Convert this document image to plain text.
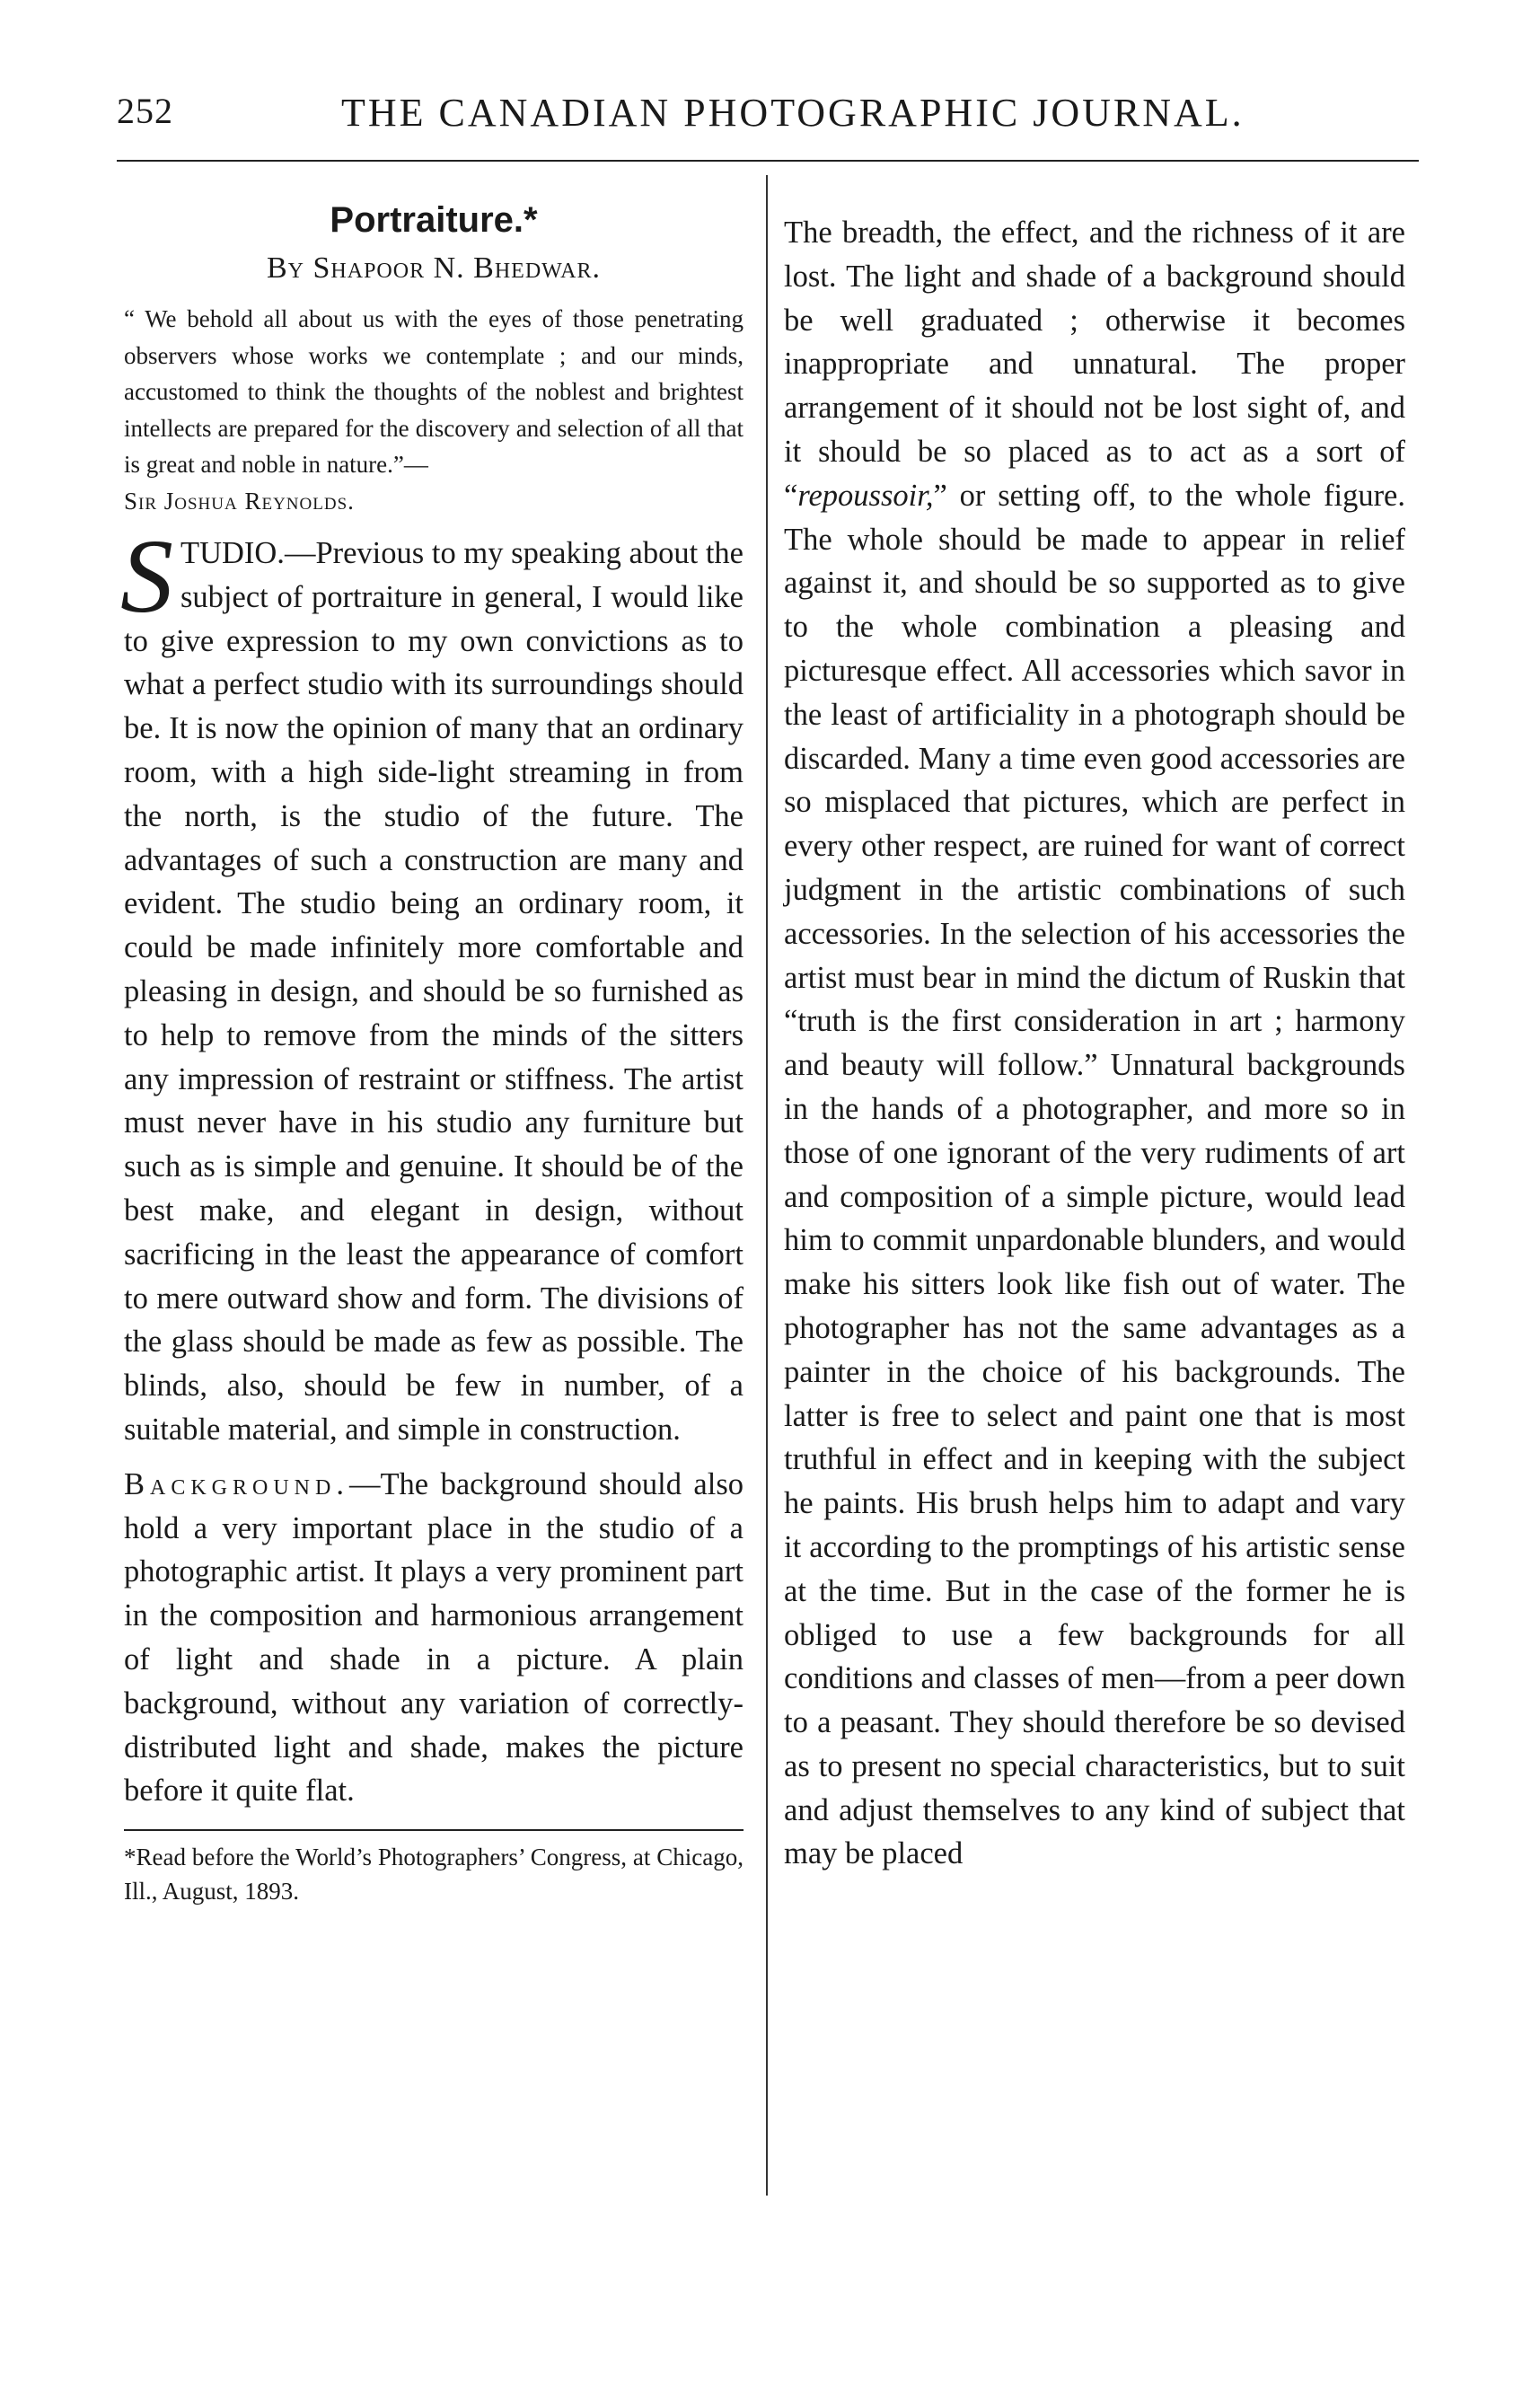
252	THE CANADIAN PHOTOGRAPHIC JOURNAL.
Portraiture.*

By Shapoor N. Bhedwar.

“ We behold all about us with the eyes of those penetrating observers whose works we contemplate ; and our minds, accustomed to think the thoughts of the noblest and brightest intellects are prepared for the discovery and selection of all that is great and noble in nature.”—

Sir Joshua Reynolds.

STUDIO.—Previous to my speaking about the subject of portraiture in general, I would like to give expression to my own convictions as to what a perfect studio with its surroundings should be. It is now the opinion of many that an ordinary room, with a high side-light streaming in from the north, is the studio of the future. The advantages of such a construction are many and evident. The studio being an ordinary room, it could be made infinitely more comfortable and pleasing in design, and should be so furnished as to help to remove from the minds of the sitters any impression of restraint or stiffness. The artist must never have in his studio any furniture but such as is simple and genuine. It should be of the best make, and elegant in design, without sacrificing in the least the appearance of comfort to mere outward show and form. The divisions of the glass should be made as few as possible. The blinds, also, should be few in number, of a suitable material, and simple in construction.

Background.—The background should also hold a very important place in the studio of a photographic artist. It plays a very prominent part in the composition and harmonious arrangement of light and shade in a picture. A plain background, without any variation of correctly-distributed light and shade, makes the picture before it quite flat.

*Read before the World’s Photographers’ Congress, at Chicago, Ill., August, 1893.

The breadth, the effect, and the richness of it are lost. The light and shade of a background should be well graduated ; otherwise it becomes inappropriate and unnatural. The proper arrangement of it should not be lost sight of, and it should be so placed as to act as a sort of “repoussoir,” or setting off, to the whole figure. The whole should be made to appear in relief against it, and should be so supported as to give to the whole combination a pleasing and picturesque effect. All accessories which savor in the least of artificiality in a photograph should be discarded. Many a time even good accessories are so misplaced that pictures, which are perfect in every other respect, are ruined for want of correct judgment in the artistic combinations of such accessories. In the selection of his accessories the artist must bear in mind the dictum of Ruskin that “truth is the first consideration in art ; harmony and beauty will follow.” Unnatural backgrounds in the hands of a photographer, and more so in those of one ignorant of the very rudiments of art and composition of a simple picture, would lead him to commit unpardonable blunders, and would make his sitters look like fish out of water. The photographer has not the same advantages as a painter in the choice of his backgrounds. The latter is free to select and paint one that is most truthful in effect and in keeping with the subject he paints. His brush helps him to adapt and vary it according to the promptings of his artistic sense at the time. But in the case of the former he is obliged to use a few backgrounds for all conditions and classes of men—from a peer down to a peasant. They should therefore be so devised as to present no special characteristics, but to suit and adjust themselves to any kind of subject that may be placed
